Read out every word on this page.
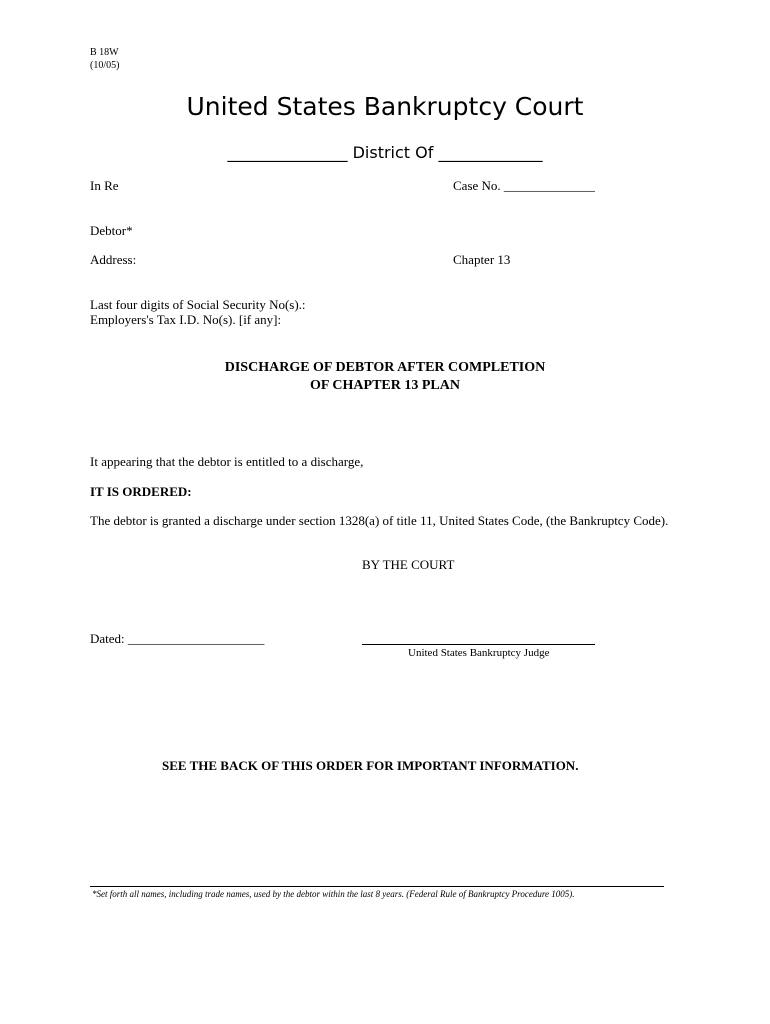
B 18W
(10/05)
United States Bankruptcy Court
_______________ District Of _____________
In Re	Case No. ______________
Debtor*
Address:	Chapter 13
Last four digits of Social Security No(s).:
Employers's Tax I.D. No(s). [if any]:
DISCHARGE OF DEBTOR AFTER COMPLETION
OF CHAPTER 13 PLAN
It appearing that the debtor is entitled to a discharge,
IT IS ORDERED:
The debtor is granted a discharge under section 1328(a) of title 11, United States Code, (the Bankruptcy Code).
BY THE COURT
Dated: _____________________
United States Bankruptcy Judge
SEE THE BACK OF THIS ORDER FOR IMPORTANT INFORMATION.
*Set forth all names, including trade names, used by the debtor within the last 8 years. (Federal Rule of Bankruptcy Procedure 1005).
